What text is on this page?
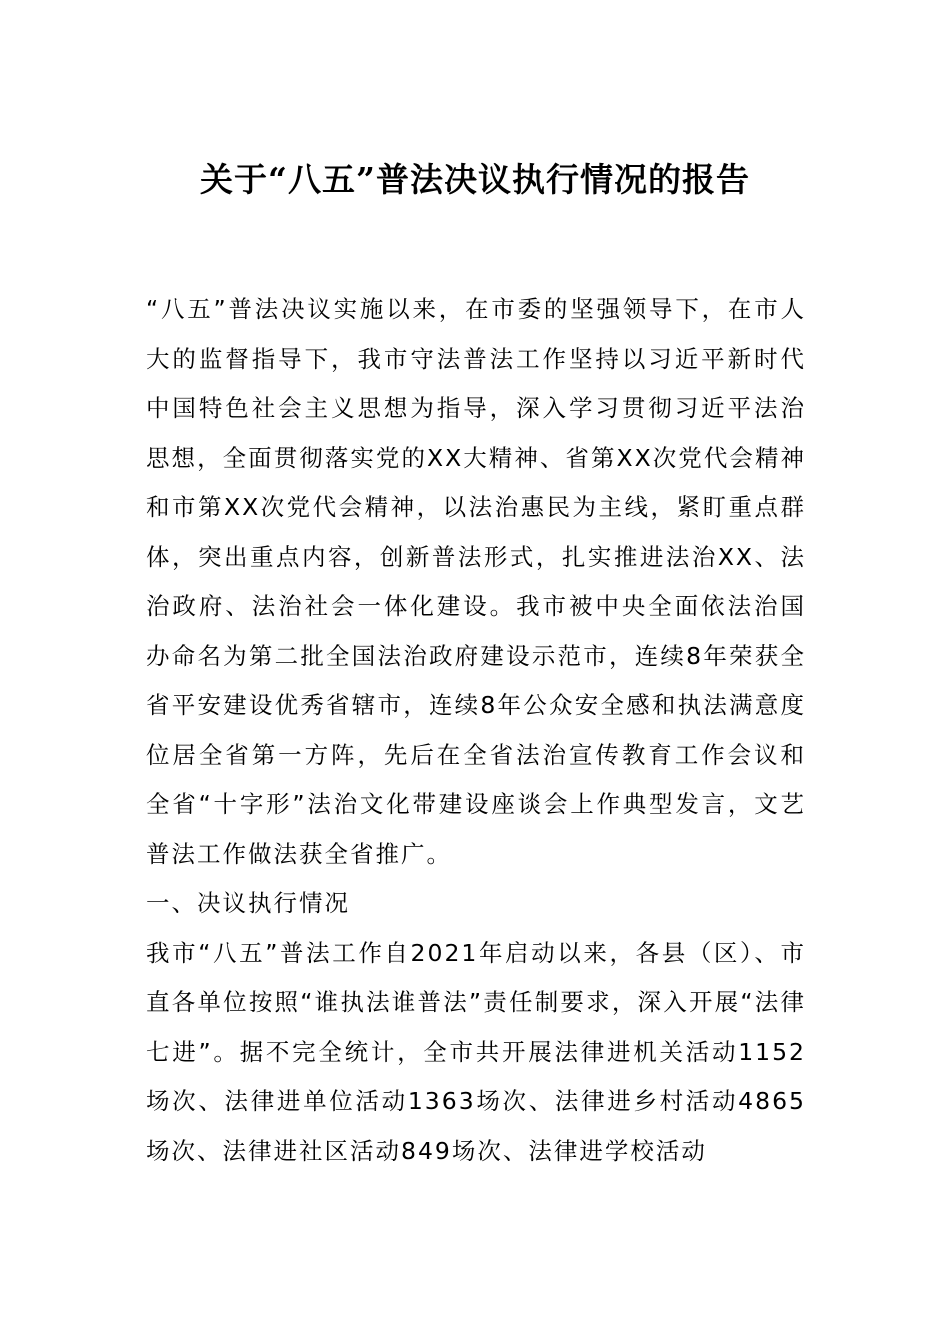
关于“八五”普法决议执行情况的报告

“八五”普法决议实施以来，在市委的坚强领导下，在市人大的监督指导下，我市守法普法工作坚持以习近平新时代中国特色社会主义思想为指导，深入学习贯彻习近平法治思想，全面贯彻落实党的XX大精神、省第XX次党代会精神和市第XX次党代会精神，以法治惠民为主线，紧盯重点群体，突出重点内容，创新普法形式，扎实推进法治XX、法治政府、法治社会一体化建设。我市被中央全面依法治国办命名为第二批全国法治政府建设示范市，连续8年荣获全省平安建设优秀省辖市，连续8年公众安全感和执法满意度位居全省第一方阵，先后在全省法治宣传教育工作会议和全省“十字形”法治文化带建设座谈会上作典型发言，文艺普法工作做法获全省推广。

一、决议执行情况

我市“八五”普法工作自2021年启动以来，各县（区）、市直各单位按照“谁执法谁普法”责任制要求，深入开展“法律七进”。据不完全统计，全市共开展法律进机关活动1152场次、法律进单位活动1363场次、法律进乡村活动4865场次、法律进社区活动849场次、法律进学校活动
